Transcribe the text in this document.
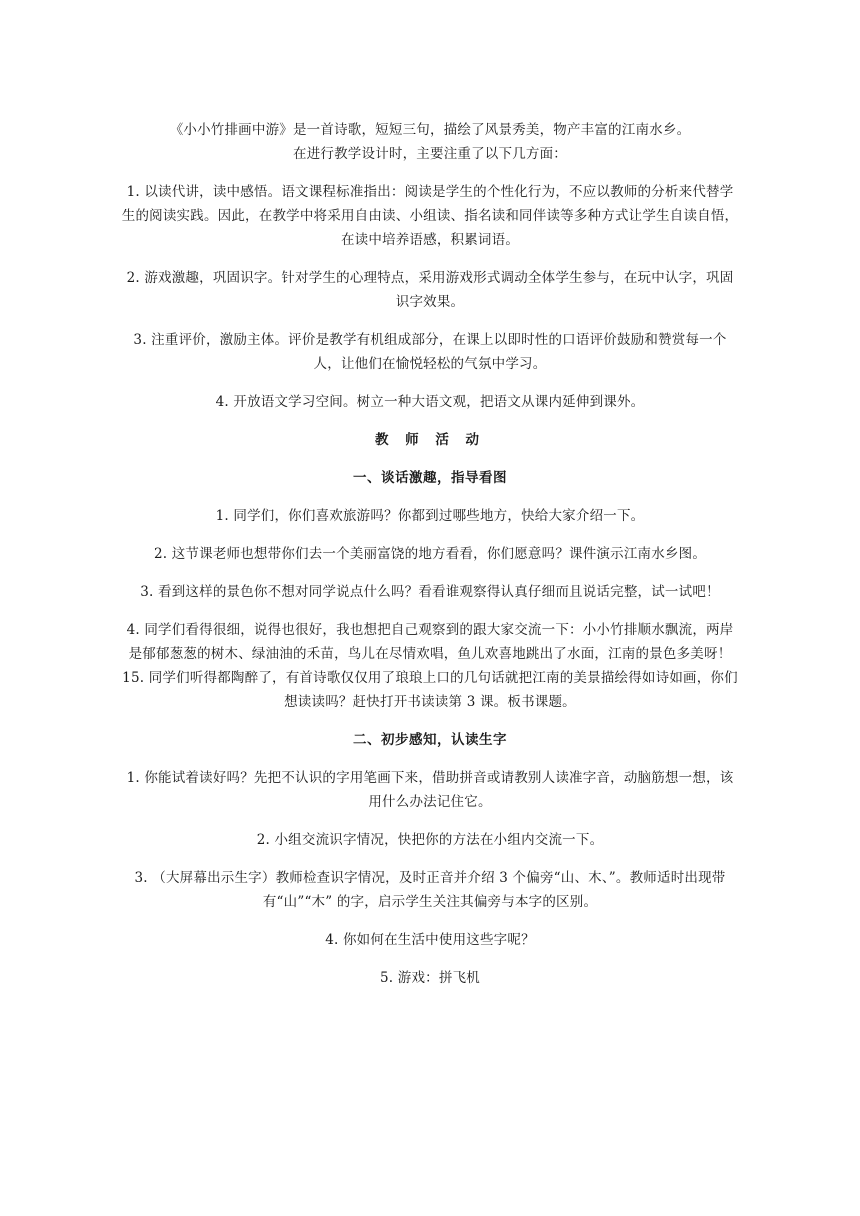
《小小竹排画中游》是一首诗歌，短短三句，描绘了风景秀美，物产丰富的江南水乡。
在进行教学设计时，主要注重了以下几方面：

1. 以读代讲，读中感悟。语文课程标准指出：阅读是学生的个性化行为，不应以教师的分析来代替学生的阅读实践。因此，在教学中将采用自由读、小组读、指名读和同伴读等多种方式让学生自读自悟，在读中培养语感，积累词语。

2. 游戏激趣，巩固识字。针对学生的心理特点，采用游戏形式调动全体学生参与，在玩中认字，巩固识字效果。

3. 注重评价，激励主体。评价是教学有机组成部分，在课上以即时性的口语评价鼓励和赞赏每一个人，让他们在愉悦轻松的气氛中学习。

4. 开放语文学习空间。树立一种大语文观，把语文从课内延伸到课外。

教 师 活 动

一、谈话激趣，指导看图

1. 同学们，你们喜欢旅游吗？你都到过哪些地方，快给大家介绍一下。

2. 这节课老师也想带你们去一个美丽富饶的地方看看，你们愿意吗？课件演示江南水乡图。

3. 看到这样的景色你不想对同学说点什么吗？看看谁观察得认真仔细而且说话完整，试一试吧！

4. 同学们看得很细，说得也很好，我也想把自己观察到的跟大家交流一下：小小竹排顺水飘流，两岸是郁郁葱葱的树木、绿油油的禾苗，鸟儿在尽情欢唱，鱼儿欢喜地跳出了水面，江南的景色多美呀！15. 同学们听得都陶醉了，有首诗歌仅仅用了琅琅上口的几句话就把江南的美景描绘得如诗如画，你们想读读吗？赶快打开书读读第 3 课。板书课题。

二、初步感知，认读生字

1. 你能试着读好吗？先把不认识的字用笔画下来，借助拼音或请教别人读准字音，动脑筋想一想，该用什么办法记住它。

2. 小组交流识字情况，快把你的方法在小组内交流一下。

3. （大屏幕出示生字）教师检查识字情况，及时正音并介绍 3 个偏旁“山、木、”。教师适时出现带有“山”“木” 的字，启示学生关注其偏旁与本字的区别。

4. 你如何在生活中使用这些字呢？

5. 游戏：拼飞机
